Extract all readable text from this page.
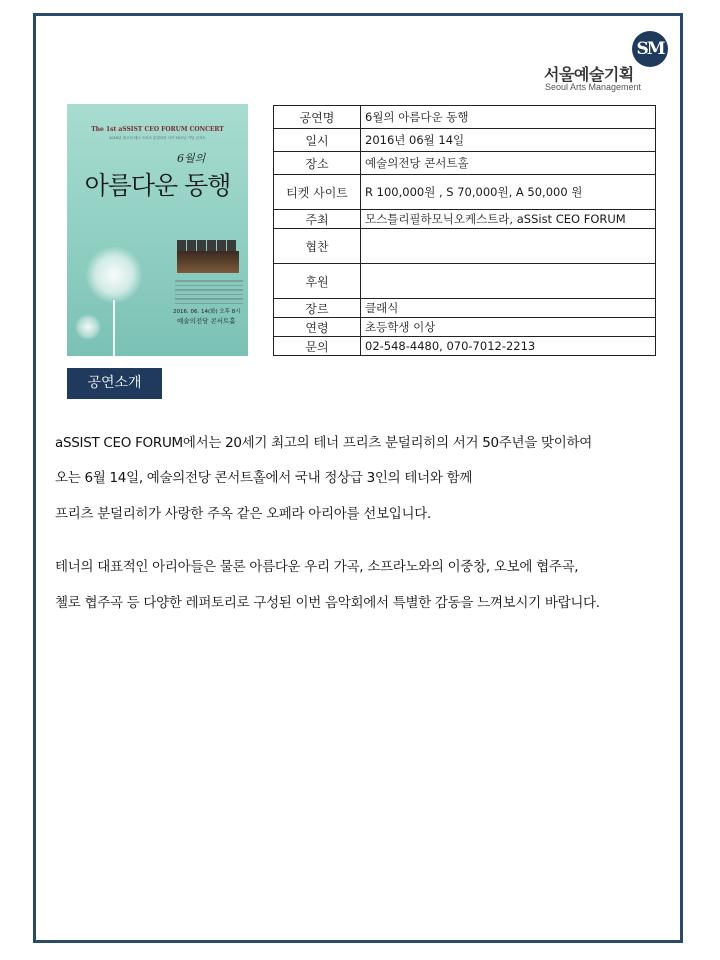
SM
서울예술기획
Seoul Arts Management
The 1st aSSIST CEO FORUM CONCERT
2016년 최고의 테너 프리츠 분덜리히 서거 50주년 기념 콘서트
6월의
아름다운 동행
2016. 06. 14(화) 오후 8시
예술의전당 콘서트홀
공연명	6월의 아름다운 동행
일시	2016년 06월 14일
장소	예술의전당 콘서트홀
티켓 사이트	R 100,000원 , S 70,000원, A 50,000 원
주최	모스틀리필하모닉오케스트라, aSSist CEO FORUM
협찬	
후원	
장르	클래식
연령	초등학생 이상
문의	02-548-4480, 070-7012-2213
공연소개
aSSIST CEO FORUM에서는 20세기 최고의 테너 프리츠 분덜리히의 서거 50주년을 맞이하여
오는 6월 14일, 예술의전당 콘서트홀에서 국내 정상급 3인의 테너와 함께
프리츠 분덜리히가 사랑한 주옥 같은 오페라 아리아를 선보입니다.
테너의 대표적인 아리아들은 물론 아름다운 우리 가곡, 소프라노와의 이중창, 오보에 협주곡,
첼로 협주곡 등 다양한 레퍼토리로 구성된 이번 음악회에서 특별한 감동을 느껴보시기 바랍니다.
